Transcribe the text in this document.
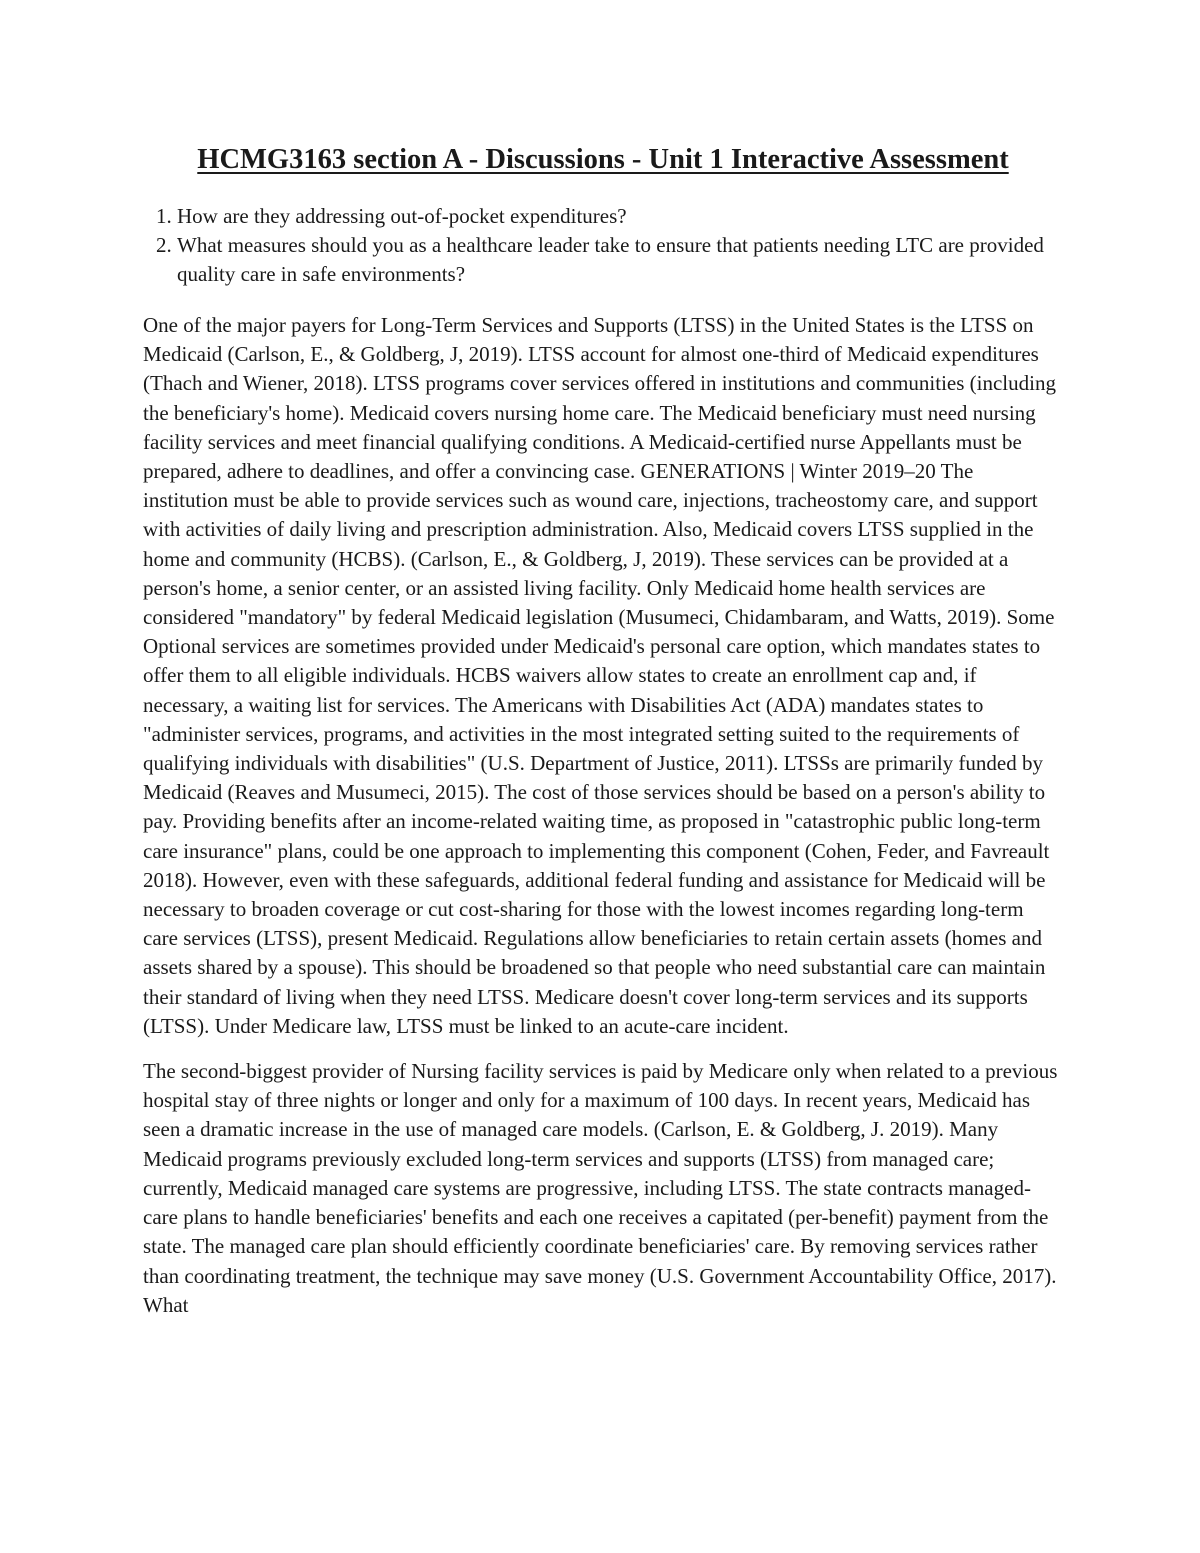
HCMG3163 section A - Discussions - Unit 1 Interactive Assessment
1. How are they addressing out-of-pocket expenditures?
2. What measures should you as a healthcare leader take to ensure that patients needing LTC are provided quality care in safe environments?

One of the major payers for Long-Term Services and Supports (LTSS) in the United States is the LTSS on Medicaid (Carlson, E., & Goldberg, J, 2019). LTSS account for almost one-third of Medicaid expenditures (Thach and Wiener, 2018). LTSS programs cover services offered in institutions and communities (including the beneficiary's home). Medicaid covers nursing home care. The Medicaid beneficiary must need nursing facility services and meet financial qualifying conditions. A Medicaid-certified nurse Appellants must be prepared, adhere to deadlines, and offer a convincing case. GENERATIONS | Winter 2019–20 The institution must be able to provide services such as wound care, injections, tracheostomy care, and support with activities of daily living and prescription administration. Also, Medicaid covers LTSS supplied in the home and community (HCBS). (Carlson, E., & Goldberg, J, 2019). These services can be provided at a person's home, a senior center, or an assisted living facility. Only Medicaid home health services are considered "mandatory" by federal Medicaid legislation (Musumeci, Chidambaram, and Watts, 2019). Some Optional services are sometimes provided under Medicaid's personal care option, which mandates states to offer them to all eligible individuals. HCBS waivers allow states to create an enrollment cap and, if necessary, a waiting list for services. The Americans with Disabilities Act (ADA) mandates states to "administer services, programs, and activities in the most integrated setting suited to the requirements of qualifying individuals with disabilities" (U.S. Department of Justice, 2011). LTSSs are primarily funded by Medicaid (Reaves and Musumeci, 2015). The cost of those services should be based on a person's ability to pay. Providing benefits after an income-related waiting time, as proposed in "catastrophic public long-term care insurance" plans, could be one approach to implementing this component (Cohen, Feder, and Favreault 2018). However, even with these safeguards, additional federal funding and assistance for Medicaid will be necessary to broaden coverage or cut cost-sharing for those with the lowest incomes regarding long-term care services (LTSS), present Medicaid. Regulations allow beneficiaries to retain certain assets (homes and assets shared by a spouse). This should be broadened so that people who need substantial care can maintain their standard of living when they need LTSS. Medicare doesn't cover long-term services and its supports (LTSS). Under Medicare law, LTSS must be linked to an acute-care incident.

The second-biggest provider of Nursing facility services is paid by Medicare only when related to a previous hospital stay of three nights or longer and only for a maximum of 100 days. In recent years, Medicaid has seen a dramatic increase in the use of managed care models. (Carlson, E. & Goldberg, J. 2019). Many Medicaid programs previously excluded long-term services and supports (LTSS) from managed care; currently, Medicaid managed care systems are progressive, including LTSS. The state contracts managed-care plans to handle beneficiaries' benefits and each one receives a capitated (per-benefit) payment from the state. The managed care plan should efficiently coordinate beneficiaries' care. By removing services rather than coordinating treatment, the technique may save money (U.S. Government Accountability Office, 2017). What
